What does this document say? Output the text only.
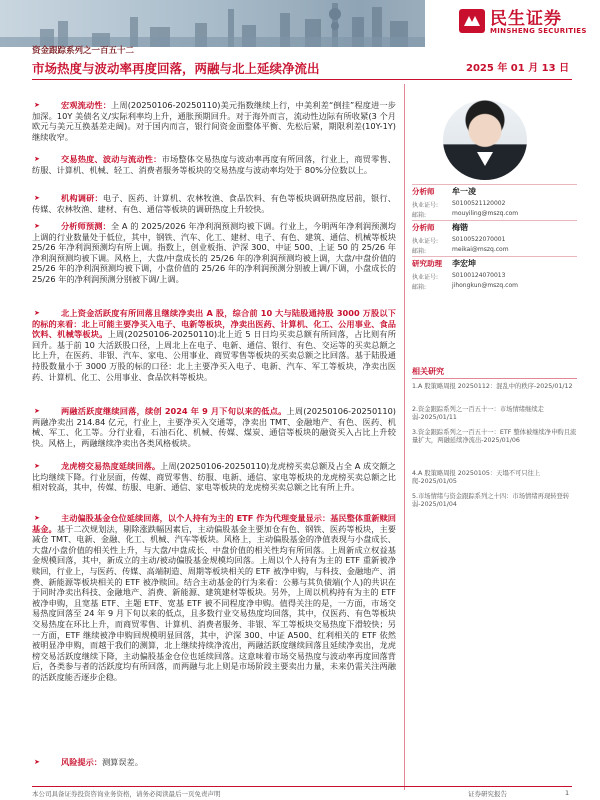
民生证券
MINSHENG SECURITIES
资金跟踪系列之一百五十二
市场热度与波动率再度回落，两融与北上延续净流出	2025 年 01 月 13 日
➤	宏观流动性：上周(20250106-20250110)美元指数继续上行，中美利差“倒挂”程度进一步加深。10Y 美债名义/实际利率均上升，通胀预期回升。对于海外而言，流动性边际有所收紧(3 个月欧元与美元互换基差走阔)。对于国内而言，银行间资金面整体平衡、先松后紧，期限利差(10Y-1Y)继续收窄。
➤	交易热度、波动与流动性：市场整体交易热度与波动率再度有所回落，行业上，商贸零售、纺服、计算机、机械、轻工、消费者服务等板块的交易热度与波动率均处于 80%分位数以上。
➤	机构调研：电子、医药、计算机、农林牧渔、食品饮料、有色等板块调研热度居前，银行、传媒、农林牧渔、建材、有色、通信等板块的调研热度上升较快。
➤	分析师预测：全 A 的 2025/2026 年净利润预测均被下调。行业上，今明两年净利润预测均上调的行业数量处于低位，其中，钢铁、汽车、化工、建材、电子、有色、建筑、通信、机械等板块 25/26 年净利润预测均有所上调。指数上，创业板指、沪深 300、中证 500、上证 50 的 25/26 年净利润预测均被下调。风格上，大盘/中盘成长的 25/26 年的净利润预测均被上调，大盘/中盘价值的 25/26 年的净利润预测均被下调，小盘价值的 25/26 年的净利润预测分别被上调/下调，小盘成长的 25/26 年的净利润预测分别被下调/上调。
➤	北上资金活跃度有所回落且继续净卖出 A 股，综合前 10 大与陆股通持股 3000 万股以下的标的来看：北上可能主要净买入电子、电新等板块，净卖出医药、计算机、化工、公用事业、食品饮料、机械等板块。上周(20250106-20250110)北上近 5 日日均买卖总额有所回落，占比则有所回升。基于前 10 大活跃股口径，上周北上在电子、电新、通信、银行、有色、交运等的买卖总额之比上升，在医药、非银、汽车、家电、公用事业、商贸零售等板块的买卖总额之比回落。基于陆股通持股数量小于 3000 万股的标的口径：北上主要净买入电子、电新、汽车、军工等板块，净卖出医药、计算机、化工、公用事业、食品饮料等板块。
➤	两融活跃度继续回落，续创 2024 年 9 月下旬以来的低点。上周(20250106-20250110)两融净卖出 214.84 亿元，行业上，主要净买入交通等，净卖出 TMT、金融地产、有色、医药、机械、军工、化工等。分行业看，石油石化、机械、传媒、煤炭、通信等板块的融资买入占比上升较快。风格上，两融继续净卖出各类风格板块。
➤	龙虎榜交易热度延续回落。上周(20250106-20250110)龙虎榜买卖总额及占全 A 成交额之比均继续下降。行业层面，传媒、商贸零售、纺服、电新、通信、家电等板块的龙虎榜买卖总额之比相对较高，其中，传媒、纺服、电新、通信、家电等板块的龙虎榜买卖总额之比有所上升。
➤	主动偏股基金仓位延续回落，以个人持有为主的 ETF 作为代理变量显示：基民整体重新赎回基金。基于二次规划法，剔除涨跌幅因素后，主动偏股基金主要加仓有色、钢铁、医药等板块，主要减仓 TMT、电新、金融、化工、机械、汽车等板块。风格上，主动偏股基金的净值表现与小盘成长、大盘/小盘价值的相关性上升，与大盘/中盘成长、中盘价值的相关性均有所回落。上周新成立权益基金规模回落，其中，新成立的主动/被动偏股基金规模均回落。上周以个人持有为主的 ETF 重新被净赎回，行业上，与医药、传媒、高端制造、周期等板块相关的 ETF 被净申购，与科技、金融地产、消费、新能源等板块相关的 ETF 被净赎回。结合主动基金的行为来看：公募与其负债端(个人)的共识在于同时净卖出科技、金融地产、消费、新能源、建筑建材等板块。另外，上周以机构持有为主的 ETF 被净申购，且宽基 ETF、主题 ETF、宽基 ETF 被不同程度净申购。值得关注的是，一方面，市场交易热度回落至 24 年 9 月下旬以来的低点，且多数行业交易热度均回落，其中，仅医药、有色等板块交易热度在环比上升，而商贸零售、计算机、消费者服务、非银、军工等板块交易热度下滑较快；另一方面，ETF 继续被净申购回规模明显回落，其中，沪深 300、中证 A500、红利相关的 ETF 依然被明显净申购，而越于我们的测算，北上继续持续净流出，两融活跃度继续回落且延续净卖出，龙虎榜交易活跃度继续下降，主动偏股基金仓位也延续回落。这意味着市场交易热度与波动率再度回落背后，各类参与者的活跃度均有所回落，而两融与北上则是市场阶段主要卖出力量，未来仍需关注两融的活跃度能否逐步企稳。
➤	风险提示：测算误差。
分析师 牟一凌
执业证号: S0100521120002
邮箱:	mouyiling@mszq.com
分析师 梅锴
执业证号: S0100522070001
邮箱:	meikai@mszq.com
研究助理 李宏坤
执业证号: S0100124070013
邮箱:	jihongkun@mszq.com
相关研究
1.A 股策略周报 20250112：混乱中的秩序-2025/01/12
2.资金跟踪系列之一百五十一：市场情绪继续走弱-2025/01/11
3.资金跟踪系列之一百五十一：ETF 整体被继续净申购且流量扩大，两融延续净流出-2025/01/06
4.A 股策略周报 20250105：天塌不可只往上爬-2025/01/05
5.市场情绪与资金跟踪系列之十四：市场情绪再现转登转弱-2025/01/04
本公司具备证券投资咨询业务资格，请务必阅读最后一页免责声明	证券研究报告	1
